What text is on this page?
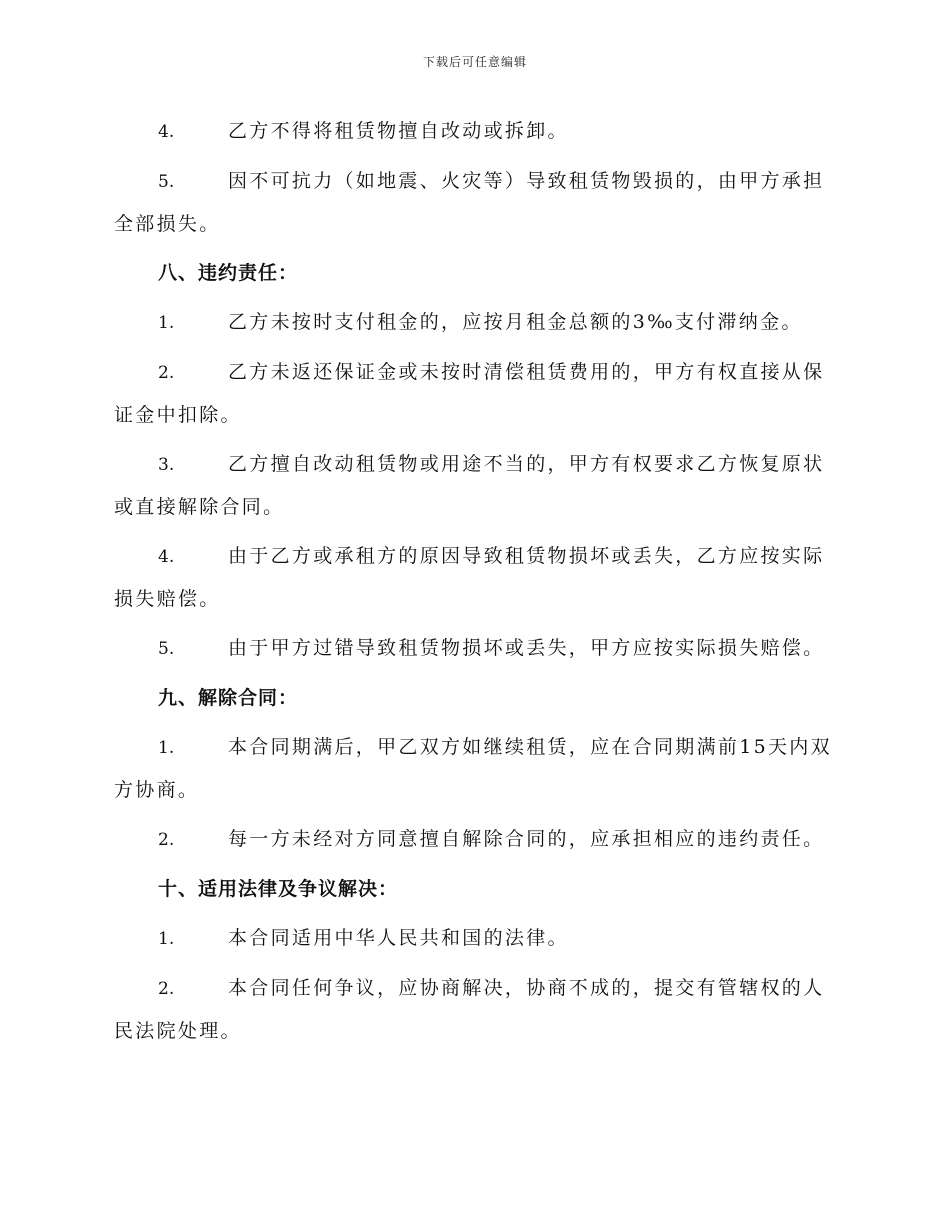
下载后可任意编辑
4.	乙方不得将租赁物擅自改动或拆卸。
5.	因不可抗力（如地震、火灾等）导致租赁物毁损的，由甲方承担全部损失。
八、违约责任：
1.	乙方未按时支付租金的，应按月租金总额的3‰支付滞纳金。
2.	乙方未返还保证金或未按时清偿租赁费用的，甲方有权直接从保证金中扣除。
3.	乙方擅自改动租赁物或用途不当的，甲方有权要求乙方恢复原状或直接解除合同。
4.	由于乙方或承租方的原因导致租赁物损坏或丢失，乙方应按实际损失赔偿。
5.	由于甲方过错导致租赁物损坏或丢失，甲方应按实际损失赔偿。
九、解除合同：
1.	本合同期满后，甲乙双方如继续租赁，应在合同期满前15天内双方协商。
2.	每一方未经对方同意擅自解除合同的，应承担相应的违约责任。
十、适用法律及争议解决：
1.	本合同适用中华人民共和国的法律。
2.	本合同任何争议，应协商解决，协商不成的，提交有管辖权的人民法院处理。
